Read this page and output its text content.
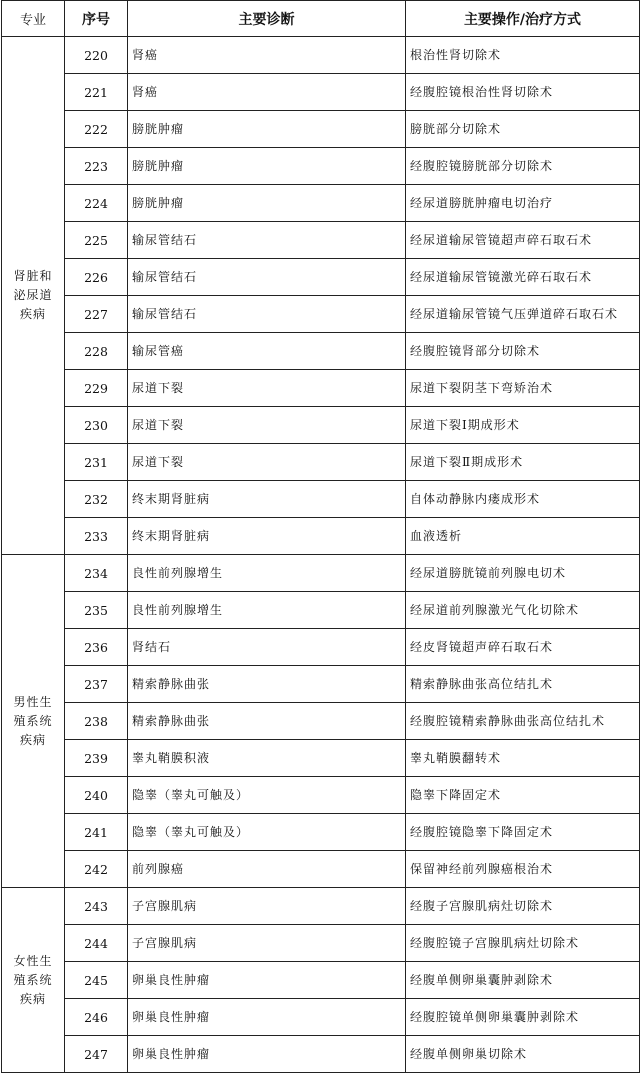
专业	序号	主要诊断	主要操作/治疗方式

肾脏和
泌尿道
疾病	220	肾癌	根治性肾切除术
	221	肾癌	经腹腔镜根治性肾切除术
	222	膀胱肿瘤	膀胱部分切除术
	223	膀胱肿瘤	经腹腔镜膀胱部分切除术
	224	膀胱肿瘤	经尿道膀胱肿瘤电切治疗
	225	输尿管结石	经尿道输尿管镜超声碎石取石术
	226	输尿管结石	经尿道输尿管镜激光碎石取石术
	227	输尿管结石	经尿道输尿管镜气压弹道碎石取石术
	228	输尿管癌	经腹腔镜肾部分切除术
	229	尿道下裂	尿道下裂阴茎下弯矫治术
	230	尿道下裂	尿道下裂Ⅰ期成形术
	231	尿道下裂	尿道下裂Ⅱ期成形术
	232	终末期肾脏病	自体动静脉内瘘成形术
	233	终末期肾脏病	血液透析

男性生
殖系统
疾病	234	良性前列腺增生	经尿道膀胱镜前列腺电切术
	235	良性前列腺增生	经尿道前列腺激光气化切除术
	236	肾结石	经皮肾镜超声碎石取石术
	237	精索静脉曲张	精索静脉曲张高位结扎术
	238	精索静脉曲张	经腹腔镜精索静脉曲张高位结扎术
	239	睾丸鞘膜积液	睾丸鞘膜翻转术
	240	隐睾（睾丸可触及）	隐睾下降固定术
	241	隐睾（睾丸可触及）	经腹腔镜隐睾下降固定术
	242	前列腺癌	保留神经前列腺癌根治术

女性生
殖系统
疾病	243	子宫腺肌病	经腹子宫腺肌病灶切除术
	244	子宫腺肌病	经腹腔镜子宫腺肌病灶切除术
	245	卵巢良性肿瘤	经腹单侧卵巢囊肿剥除术
	246	卵巢良性肿瘤	经腹腔镜单侧卵巢囊肿剥除术
	247	卵巢良性肿瘤	经腹单侧卵巢切除术
